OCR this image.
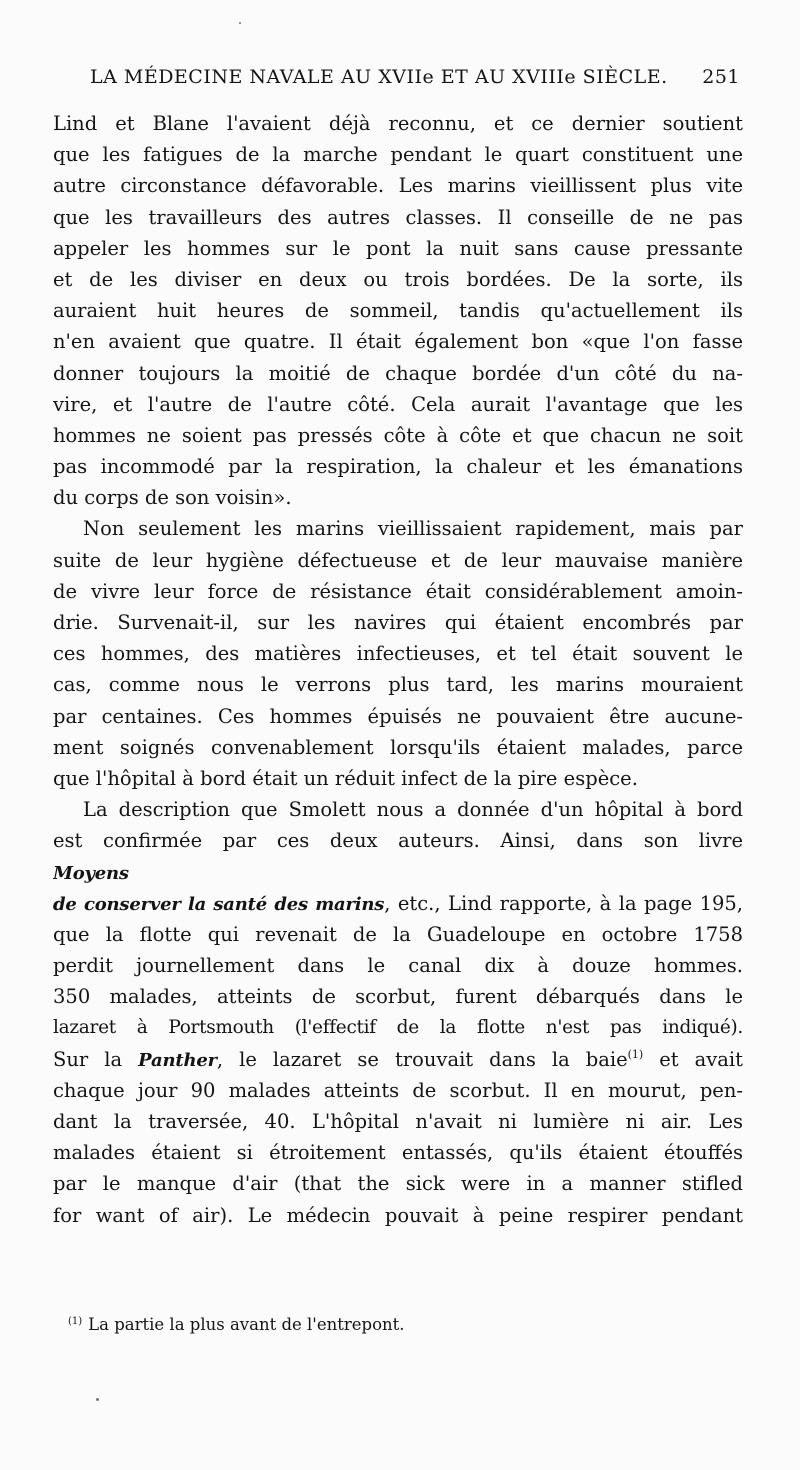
LA MÉDECINE NAVALE AU XVIIe ET AU XVIIIe SIÈCLE. 251
Lind et Blane l'avaient déjà reconnu, et ce dernier soutient
que les fatigues de la marche pendant le quart constituent une
autre circonstance défavorable. Les marins vieillissent plus vite
que les travailleurs des autres classes. Il conseille de ne pas
appeler les hommes sur le pont la nuit sans cause pressante
et de les diviser en deux ou trois bordées. De la sorte, ils
auraient huit heures de sommeil, tandis qu'actuellement ils
n'en avaient que quatre. Il était également bon «que l'on fasse
donner toujours la moitié de chaque bordée d'un côté du na-
vire, et l'autre de l'autre côté. Cela aurait l'avantage que les
hommes ne soient pas pressés côte à côte et que chacun ne soit
pas incommodé par la respiration, la chaleur et les émanations
du corps de son voisin».
Non seulement les marins vieillissaient rapidement, mais par
suite de leur hygiène défectueuse et de leur mauvaise manière
de vivre leur force de résistance était considérablement amoin-
drie. Survenait-il, sur les navires qui étaient encombrés par
ces hommes, des matières infectieuses, et tel était souvent le
cas, comme nous le verrons plus tard, les marins mouraient
par centaines. Ces hommes épuisés ne pouvaient être aucune-
ment soignés convenablement lorsqu'ils étaient malades, parce
que l'hôpital à bord était un réduit infect de la pire espèce.
La description que Smolett nous a donnée d'un hôpital à bord
est confirmée par ces deux auteurs. Ainsi, dans son livre
Moyens
de conserver la santé des marins, etc., Lind rapporte, à la page 195,
que la flotte qui revenait de la Guadeloupe en octobre 1758
perdit journellement dans le canal dix à douze hommes.
350 malades, atteints de scorbut, furent débarqués dans le
lazaret à Portsmouth (l'effectif de la flotte n'est pas indiqué).
Sur la Panther, le lazaret se trouvait dans la baie$^{(1)}$ et avait
chaque jour 90 malades atteints de scorbut. Il en mourut, pen-
dant la traversée, 40. L'hôpital n'avait ni lumière ni air. Les
malades étaient si étroitement entassés, qu'ils étaient étouffés
par le manque d'air (that the sick were in a manner stifled
for want of air). Le médecin pouvait à peine respirer pendant
$^{(1)}$ La partie la plus avant de l'entrepont.
